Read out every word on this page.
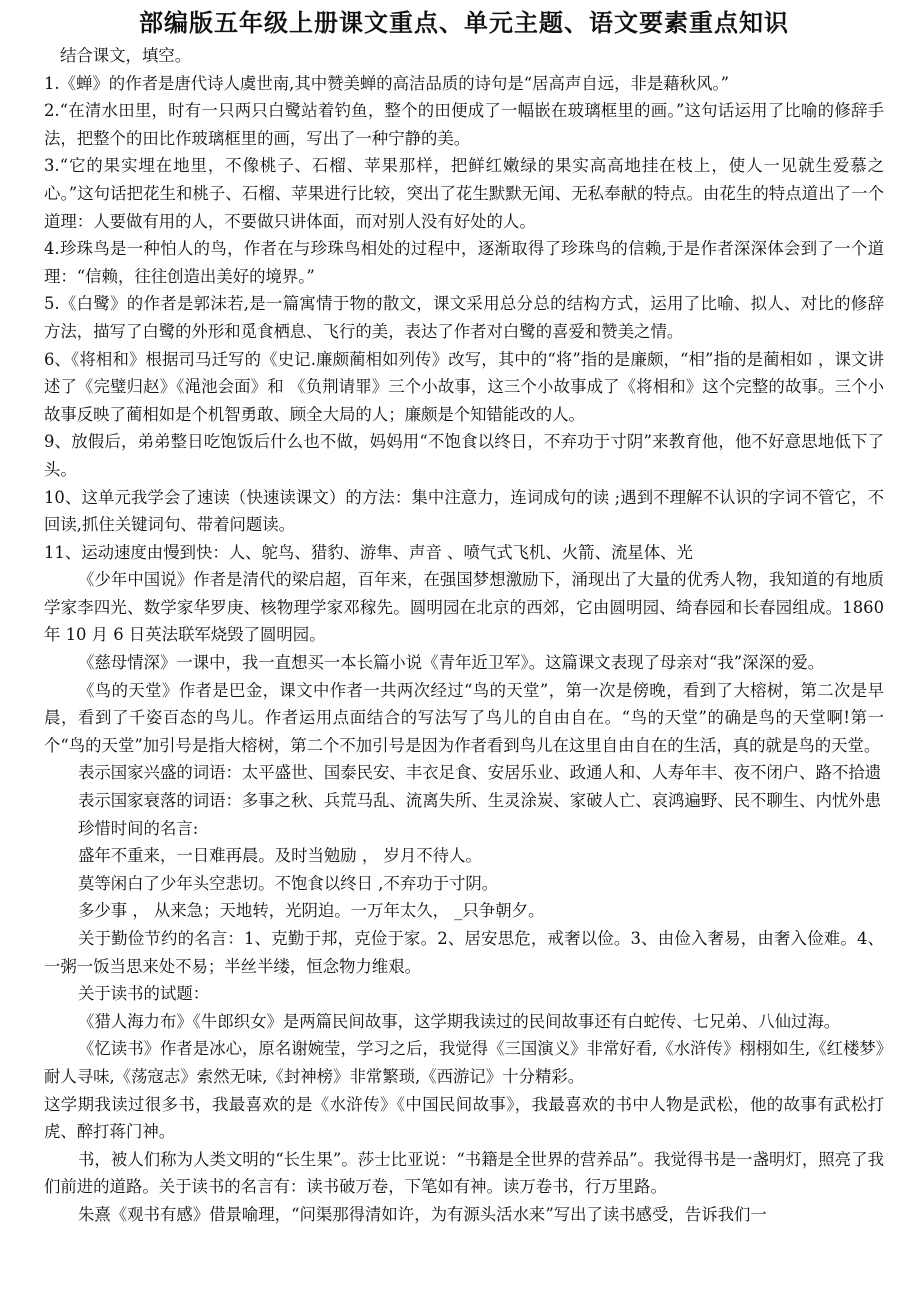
部编版五年级上册课文重点、单元主题、语文要素重点知识
结合课文，填空。
1.《蝉》的作者是唐代诗人虞世南,其中赞美蝉的高洁品质的诗句是“居高声自远，非是藉秋风。”
2.“在清水田里，时有一只两只白鹭站着钓鱼，整个的田便成了一幅嵌在玻璃框里的画。”这句话运用了比喻的修辞手法，把整个的田比作玻璃框里的画，写出了一种宁静的美。
3.“它的果实埋在地里，不像桃子、石榴、苹果那样，把鲜红嫩绿的果实高高地挂在枝上，使人一见就生爱慕之心。”这句话把花生和桃子、石榴、苹果进行比较，突出了花生默默无闻、无私奉献的特点。由花生的特点道出了一个道理：人要做有用的人，不要做只讲体面，而对别人没有好处的人。
4.珍珠鸟是一种怕人的鸟，作者在与珍珠鸟相处的过程中，逐渐取得了珍珠鸟的信赖,于是作者深深体会到了一个道理：“信赖，往往创造出美好的境界。”
5.《白鹭》的作者是郭沫若,是一篇寓情于物的散文，课文采用总分总的结构方式，运用了比喻、拟人、对比的修辞方法，描写了白鹭的外形和觅食栖息、飞行的美，表达了作者对白鹭的喜爱和赞美之情。
6、《将相和》根据司马迁写的《史记.廉颇蔺相如列传》改写，其中的“将”指的是廉颇，“相”指的是蔺相如 ，课文讲述了《完璧归赵》《渑池会面》和 《负荆请罪》三个小故事，这三个小故事成了《将相和》这个完整的故事。三个小故事反映了蔺相如是个机智勇敢、顾全大局的人；廉颇是个知错能改的人。
9、放假后，弟弟整日吃饱饭后什么也不做，妈妈用“不饱食以终日，不弃功于寸阴”来教育他，他不好意思地低下了头。
10、这单元我学会了速读（快速读课文）的方法：集中注意力，连词成句的读 ;遇到不理解不认识的字词不管它，不回读,抓住关键词句、带着问题读。
11、运动速度由慢到快：人、鸵鸟、猎豹、游隼、声音 、喷气式飞机、火箭、流星体、光
《少年中国说》作者是清代的梁启超，百年来，在强国梦想激励下，涌现出了大量的优秀人物，我知道的有地质学家李四光、数学家华罗庚、核物理学家邓稼先。圆明园在北京的西郊，它由圆明园、绮春园和长春园组成。1860 年 10 月 6 日英法联军烧毁了圆明园。
《慈母情深》一课中，我一直想买一本长篇小说《青年近卫军》。这篇课文表现了母亲对“我”深深的爱。
《鸟的天堂》作者是巴金，课文中作者一共两次经过“鸟的天堂”，第一次是傍晚，看到了大榕树，第二次是早晨，看到了千姿百态的鸟儿。作者运用点面结合的写法写了鸟儿的自由自在。“鸟的天堂”的确是鸟的天堂啊!第一个“鸟的天堂”加引号是指大榕树，第二个不加引号是因为作者看到鸟儿在这里自由自在的生活，真的就是鸟的天堂。
表示国家兴盛的词语：太平盛世、国泰民安、丰衣足食、安居乐业、政通人和、人寿年丰、夜不闭户、路不拾遗
表示国家衰落的词语：多事之秋、兵荒马乱、流离失所、生灵涂炭、家破人亡、哀鸿遍野、民不聊生、内忧外患
珍惜时间的名言:
盛年不重来，一日难再晨。及时当勉励 ， 岁月不待人。
莫等闲白了少年头空悲切。不饱食以终日 ,不弃功于寸阴。
多少事 ， 从来急；天地转，光阴迫。一万年太久， _只争朝夕。
关于勤俭节约的名言：1、克勤于邦，克俭于家。2、居安思危，戒奢以俭。3、由俭入奢易，由奢入俭难。4、一粥一饭当思来处不易；半丝半缕，恒念物力维艰。
关于读书的试题：
《猎人海力布》《牛郎织女》是两篇民间故事，这学期我读过的民间故事还有白蛇传、七兄弟、八仙过海。
《忆读书》作者是冰心，原名谢婉莹，学习之后，我觉得《三国演义》非常好看,《水浒传》栩栩如生,《红楼梦》耐人寻味,《荡寇志》索然无味,《封神榜》非常繁琐,《西游记》十分精彩。
这学期我读过很多书，我最喜欢的是《水浒传》《中国民间故事》，我最喜欢的书中人物是武松，他的故事有武松打虎、醉打蒋门神。
书，被人们称为人类文明的“长生果”。莎士比亚说：“书籍是全世界的营养品”。我觉得书是一盏明灯，照亮了我们前进的道路。关于读书的名言有：读书破万卷，下笔如有神。读万卷书，行万里路。
朱熹《观书有感》借景喻理，“问渠那得清如许，为有源头活水来”写出了读书感受，告诉我们一
